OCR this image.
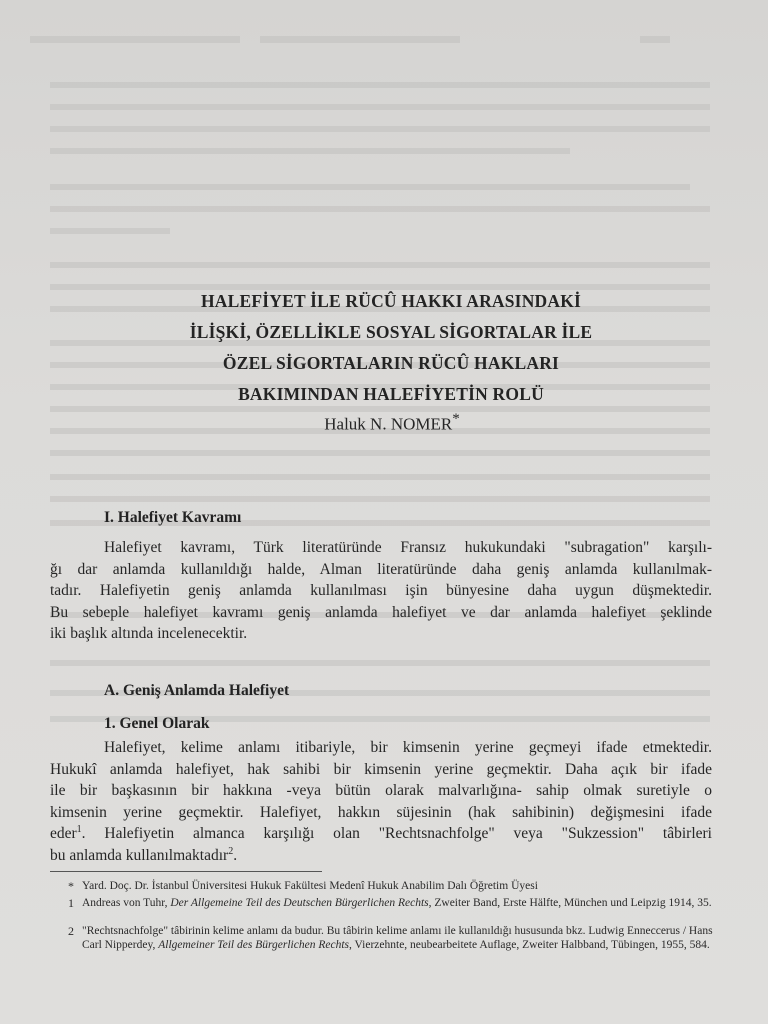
HALEFİYET İLE RÜCÛ HAKKI ARASINDAKİ
İLİŞKİ, ÖZELLİKLE SOSYAL SİGORTALAR İLE
ÖZEL SİGORTALARIN RÜCÛ HAKLARI
BAKIMINDAN HALEFİYETİN ROLÜ
Haluk N. NOMER*
I. Halefiyet Kavramı
Halefiyet kavramı, Türk literatüründe Fransız hukukundaki "subragation" karşılı-
ğı dar anlamda kullanıldığı halde, Alman literatüründe daha geniş anlamda kullanılmak-
tadır. Halefiyetin geniş anlamda kullanılması işin bünyesine daha uygun düşmektedir.
Bu sebeple halefiyet kavramı geniş anlamda halefiyet ve dar anlamda halefiyet şeklinde
iki başlık altında incelenecektir.
A. Geniş Anlamda Halefiyet
1. Genel Olarak
Halefiyet, kelime anlamı itibariyle, bir kimsenin yerine geçmeyi ifade etmektedir.
Hukukî anlamda halefiyet, hak sahibi bir kimsenin yerine geçmektir. Daha açık bir ifade
ile bir başkasının bir hakkına -veya bütün olarak malvarlığına- sahip olmak suretiyle o
kimsenin yerine geçmektir. Halefiyet, hakkın süjesinin (hak sahibinin) değişmesini ifade
eder$^1$. Halefiyetin almanca karşılığı olan "Rechtsnachfolge" veya "Sukzession" tâbirleri
bu anlamda kullanılmaktadır$^2$.
* Yard. Doç. Dr. İstanbul Üniversitesi Hukuk Fakültesi Medenî Hukuk Anabilim Dalı Öğretim Üyesi
1 Andreas von Tuhr, Der Allgemeine Teil des Deutschen Bürgerlichen Rechts, Zweiter Band, Erste Hälfte, München und Leipzig 1914, 35.
2 "Rechtsnachfolge" tâbirinin kelime anlamı da budur. Bu tâbirin kelime anlamı ile kullanıldığı hususunda bkz. Ludwig Enneccerus / Hans Carl Nipperdey, Allgemeiner Teil des Bürgerlichen Rechts, Vierzehnte, neubearbeitete Auflage, Zweiter Halbband, Tübingen, 1955, 584.
